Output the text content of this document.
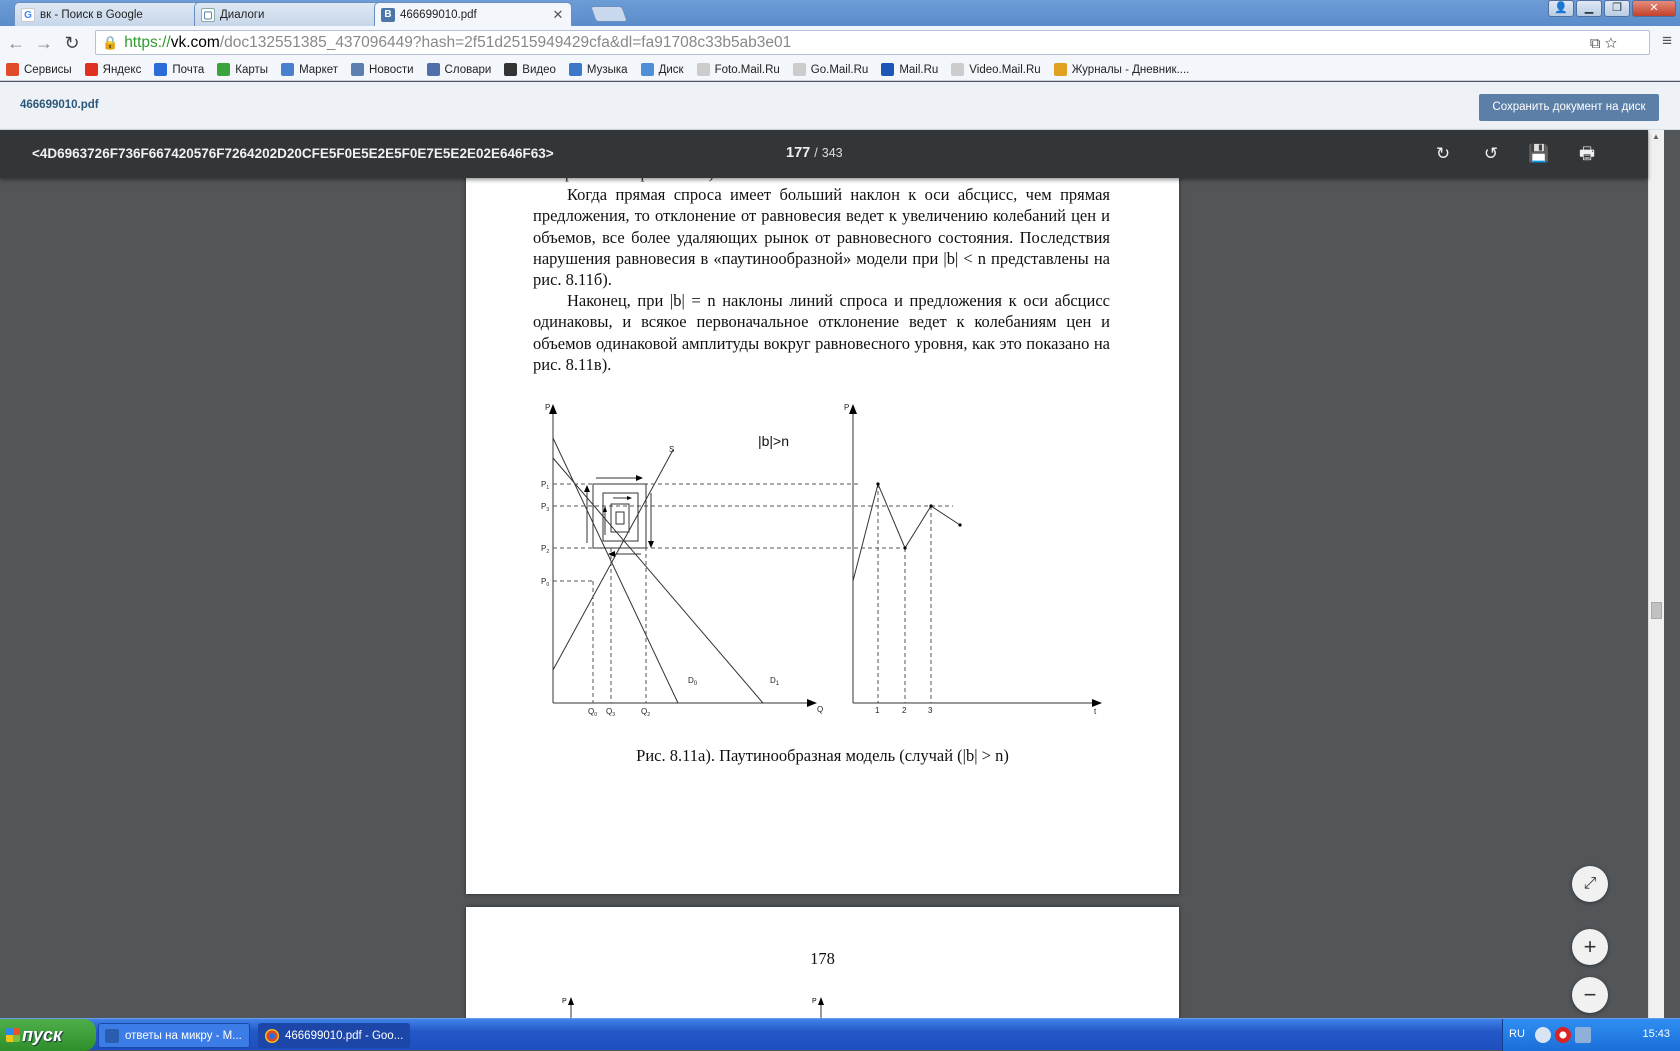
G вк - Поиск в Google	▢ Диалоги	В 466699010.pdf	✕	👤	▁	❐	✕
← → ↻	🔒 https:// vk.com /doc132551385_437096449?hash=2f51d2515949429cfa&dl=fa91708c33b5ab3e01	⧉ ☆	≡
Сервисы	Яндекс	Почта	Карты	Маркет	Новости	Словари	Видео	Музыка	Диск	Foto.Mail.Ru	Go.Mail.Ru	Mail.Ru	Video.Mail.Ru	Журналы - Дневник....
466699010.pdf	Сохранить документ на диск
<4D6963726F736F667420576F7264202D20CFE5F0E5E2E5F0E7E5E2E02E646F63>	177 / 343	↻ ↺ 💾 🖶
Когда прямая спроса имеет больший наклон к оси абсцисс, чем прямая предложения, то отклонение от равновесия ведет к увеличению колебаний цен и объемов, все более удаляющих рынок от равновесного состояния. Последствия нарушения равновесия в «паутинообразной» модели при |b| < n представлены на рис. 8.11б).
Наконец, при |b| = n наклоны линий спроса и предложения к оси абсцисс одинаковы, и всякое первоначальное отклонение ведет к колебаниям цен и объемов одинаковой амплитуды вокруг равновесного уровня, как это показано на рис. 8.11в).
P
Q
S
$D_0$	$D_1$
$P_1$
$P_3$
$P_2$
$P_0$
$Q_0$ $Q_3$	$Q_2$
P
t
1	2	3
|b|>n
Рис. 8.11а). Паутинообразная модель (случай (|b| > n)
178
P	P
▲
⤢
+
−
пуск	ответы на микру - M...	466699010.pdf - Goo...	RU	15:43
